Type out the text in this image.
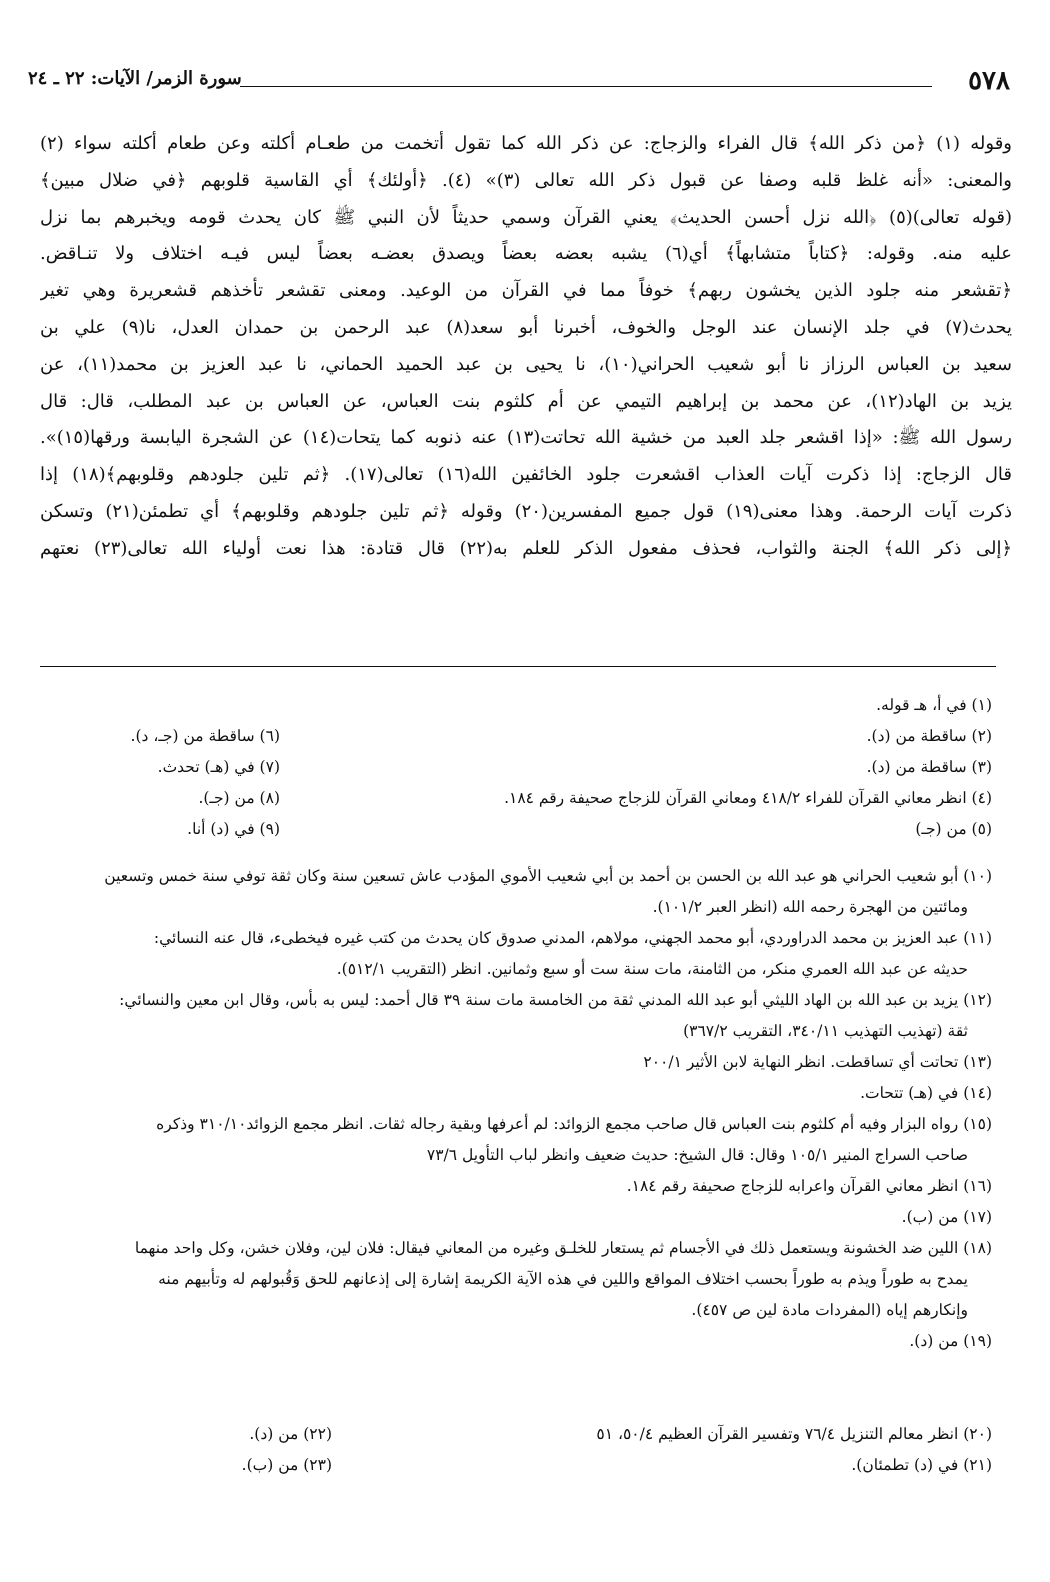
٥٧٨
سورة الزمر/ الآيات: ٢٢ ـ ٢٤
وقوله (١) ﴿من ذكر الله﴾ قال الفراء والزجاج: عن ذكر الله كما تقول أتخمت من طعـام أكلته وعن طعام أكلته سواء (٢)
والمعنى: «أنه غلظ قلبه وصفا عن قبول ذكر الله تعالى (٣)» (٤). ﴿أولئك﴾ أي القاسية قلوبهم ﴿في ضلال مبين﴾
(قوله تعالى)(٥) ﴿الله نزل أحسن الحديث﴾ يعني القرآن وسمي حديثاً لأن النبي ﷺ كان يحدث قومه ويخبرهم بما نزل
عليه منه. وقوله: ﴿كتاباً متشابهاً﴾ أي(٦) يشبه بعضه بعضاً ويصدق بعضـه بعضاً ليس فيـه اختلاف ولا تنـاقض.
﴿تقشعر منه جلود الذين يخشون ربهم﴾ خوفاً مما في القرآن من الوعيد. ومعنى تقشعر تأخذهم قشعريرة وهي تغير
يحدث(٧) في جلد الإنسان عند الوجل والخوف، أخبرنا أبو سعد(٨) عبد الرحمن بن حمدان العدل، نا(٩) علي بن
سعيد بن العباس الرزاز نا أبو شعيب الحراني(١٠)، نا يحيى بن عبد الحميد الحماني، نا عبد العزيز بن محمد(١١)، عن
يزيد بن الهاد(١٢)، عن محمد بن إبراهيم التيمي عن أم كلثوم بنت العباس، عن العباس بن عبد المطلب، قال: قال
رسول الله ﷺ: «إذا اقشعر جلد العبد من خشية الله تحاتت(١٣) عنه ذنوبه كما يتحات(١٤) عن الشجرة اليابسة ورقها(١٥)».
قال الزجاج: إذا ذكرت آيات العذاب اقشعرت جلود الخائفين الله(١٦) تعالى(١٧). ﴿ثم تلين جلودهم وقلوبهم﴾(١٨) إذا
ذكرت آيات الرحمة. وهذا معنى(١٩) قول جميع المفسرين(٢٠) وقوله ﴿ثم تلين جلودهم وقلوبهم﴾ أي تطمئن(٢١) وتسكن
﴿إلى ذكر الله﴾ الجنة والثواب، فحذف مفعول الذكر للعلم به(٢٢) قال قتادة: هذا نعت أولياء الله تعالى(٢٣) نعتهم
(١) في أ، هـ قوله.
(٢) ساقطة من (د).
(٣) ساقطة من (د).
(٤) انظر معاني القرآن للفراء ٤١٨/٢ ومعاني القرآن للزجاج صحيفة رقم ١٨٤.
(٥) من (جـ)
(٦) ساقطة من (جـ، د).
(٧) في (هـ) تحدث.
(٨) من (جـ).
(٩) في (د) أنا.
(١٠) أبو شعيب الحراني هو عبد الله بن الحسن بن أحمد بن أبي شعيب الأموي المؤدب عاش تسعين سنة وكان ثقة توفي سنة خمس وتسعين
ومائتين من الهجرة رحمه الله (انظر العبر ١٠١/٢).
(١١) عبد العزيز بن محمد الدراوردي، أبو محمد الجهني، مولاهم، المدني صدوق كان يحدث من كتب غيره فيخطىء، قال عنه النسائي:
حديثه عن عبد الله العمري منكر، من الثامنة، مات سنة ست أو سبع وثمانين. انظر (التقريب ٥١٢/١).
(١٢) يزيد بن عبد الله بن الهاد الليثي أبو عبد الله المدني ثقة من الخامسة مات سنة ٣٩ قال أحمد: ليس به بأس، وقال ابن معين والنسائي:
ثقة (تهذيب التهذيب ٣٤٠/١١، التقريب ٣٦٧/٢)
(١٣) تحاتت أي تساقطت. انظر النهاية لابن الأثير ٢٠٠/١
(١٤) في (هـ) تتحات.
(١٥) رواه البزار وفيه أم كلثوم بنت العباس قال صاحب مجمع الزوائد: لم أعرفها وبقية رجاله ثقات. انظر مجمع الزوائد٣١٠/١٠ وذكره
صاحب السراج المنير ١٠٥/١ وقال: قال الشيخ: حديث ضعيف وانظر لباب التأويل ٧٣/٦
(١٦) انظر معاني القرآن واعرابه للزجاج صحيفة رقم ١٨٤.
(١٧) من (ب).
(١٨) اللين ضد الخشونة ويستعمل ذلك في الأجسام ثم يستعار للخلـق وغيره من المعاني فيقال: فلان لين، وفلان خشن، وكل واحد منهما
يمدح به طوراً ويذم به طوراً بحسب اختلاف المواقع واللين في هذه الآية الكريمة إشارة إلى إذعانهم للحق وَقُبولهم له وتأبيهم منه
وإنكارهم إياه (المفردات مادة لين ص ٤٥٧).
(١٩) من (د).
(٢٠) انظر معالم التنزيل ٧٦/٤ وتفسير القرآن العظيم ٥٠/٤، ٥١
(٢١) في (د) تطمئان).
(٢٢) من (د).
(٢٣) من (ب).
